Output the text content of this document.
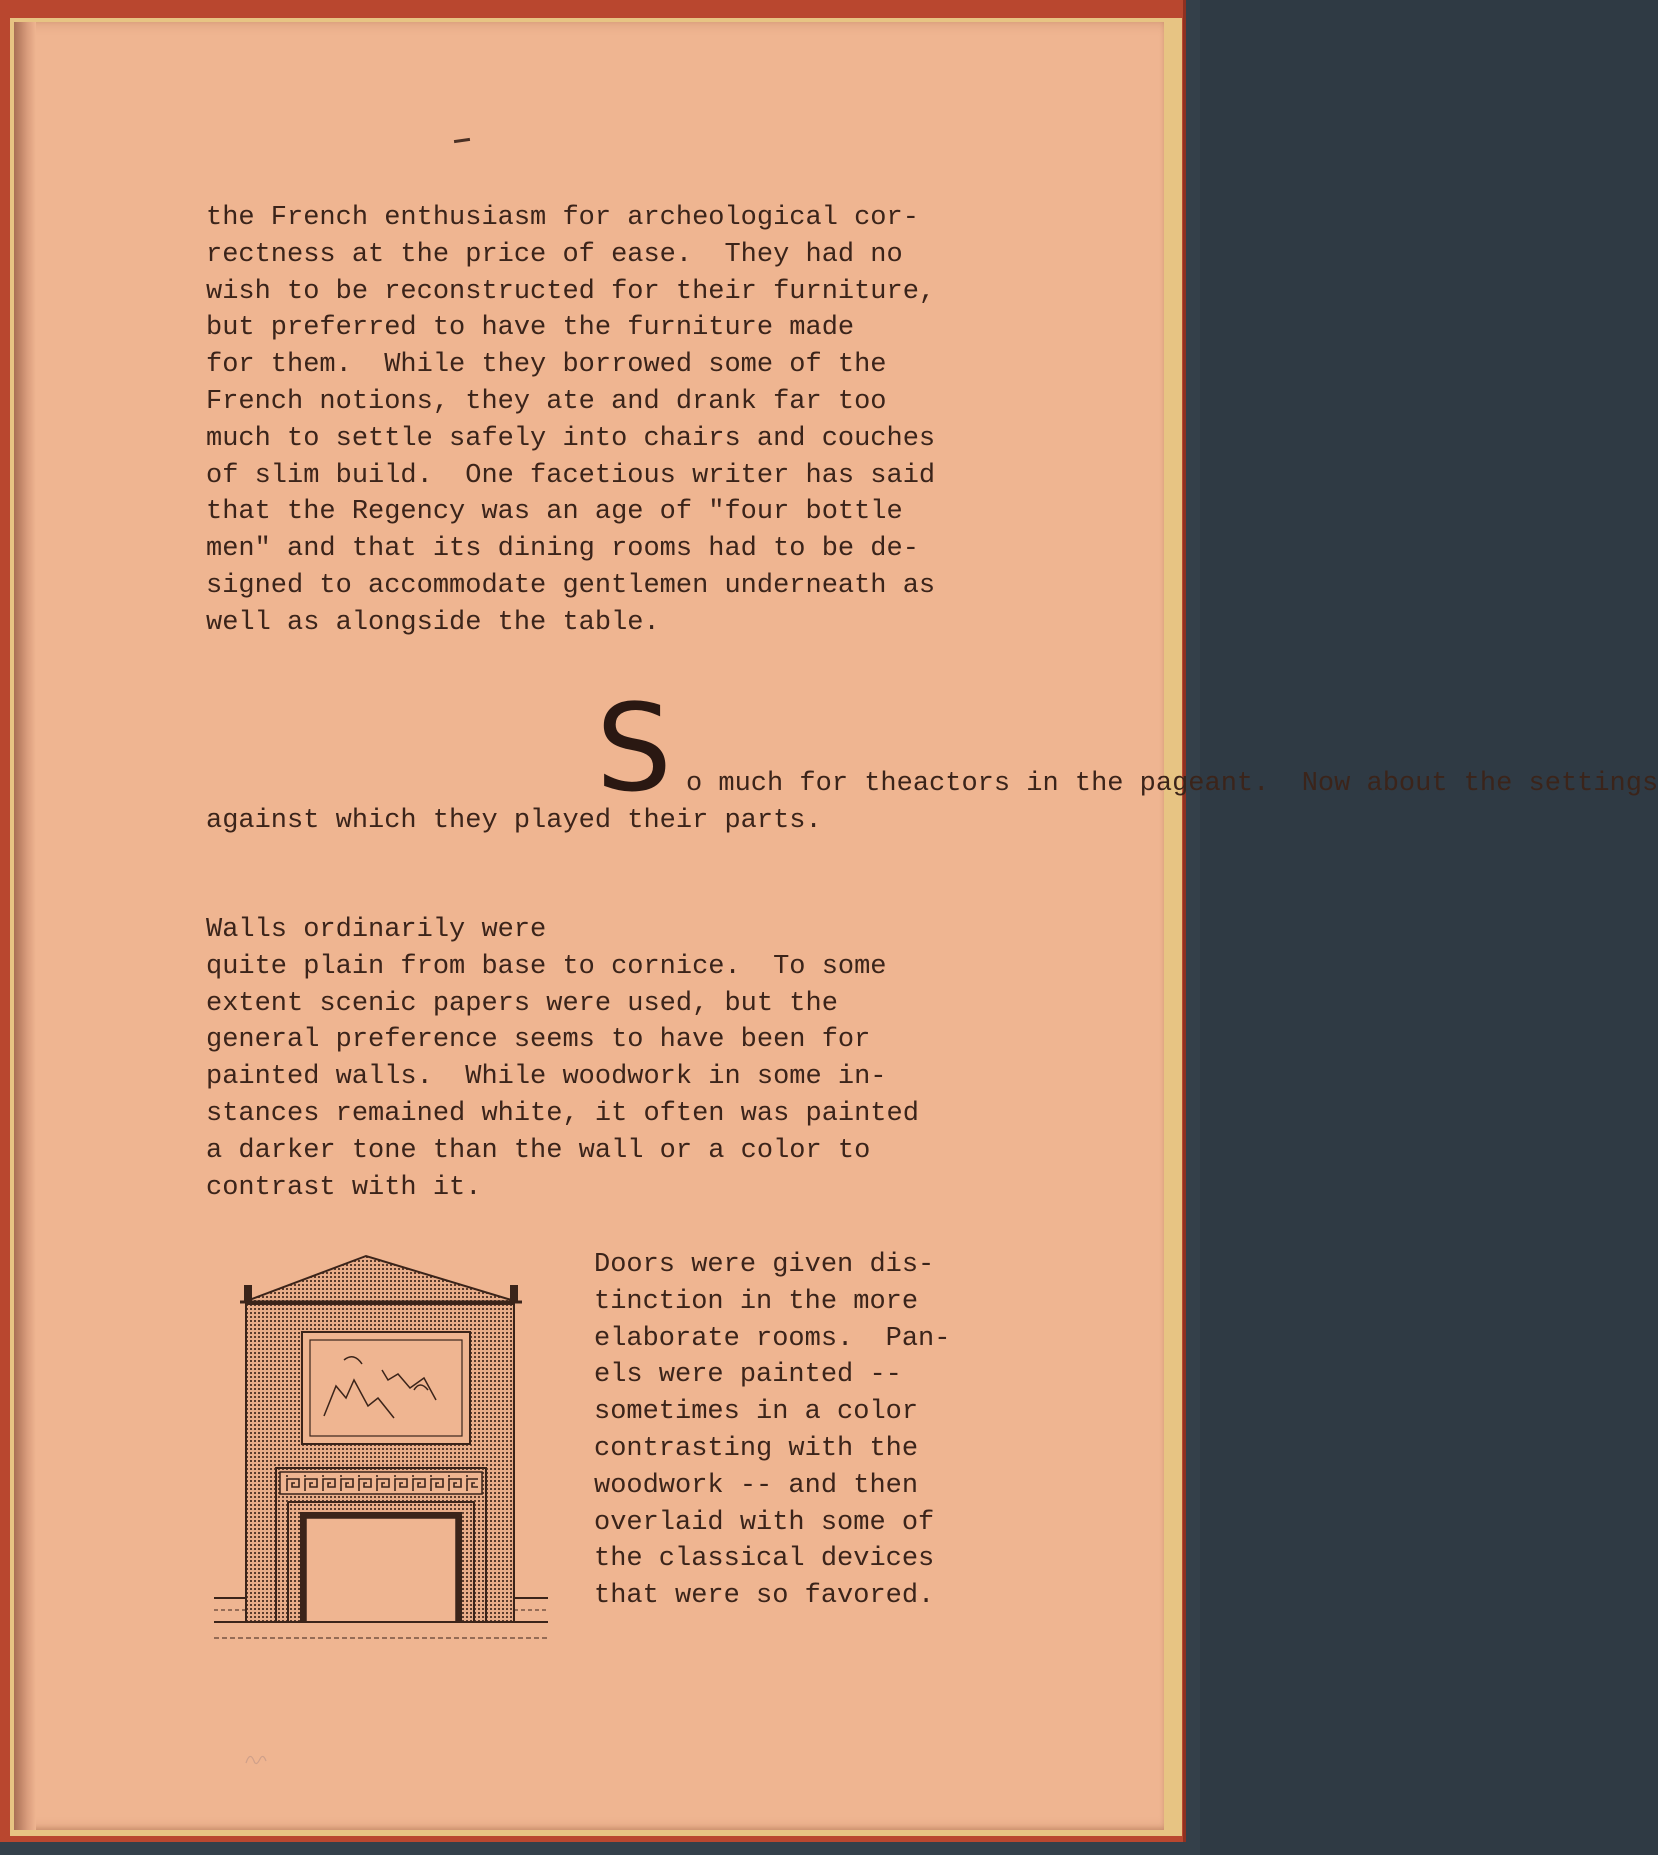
the French enthusiasm for archeological cor-
rectness at the price of ease.  They had no
wish to be reconstructed for their furniture,
but preferred to have the furniture made
for them.  While they borrowed some of the
French notions, they ate and drank far too
much to settle safely into chairs and couches
of slim build.  One facetious writer has said
that the Regency was an age of "four bottle
men" and that its dining rooms had to be de-
signed to accommodate gentlemen underneath as
well as alongside the table.
S o much for the
actors in the pageant.  Now about the settings
against which they played their parts.
Walls ordinarily were
quite plain from base to cornice.  To some
extent scenic papers were used, but the
general preference seems to have been for
painted walls.  While woodwork in some in-
stances remained white, it often was painted
a darker tone than the wall or a color to
contrast with it.
Doors were given dis-
tinction in the more
elaborate rooms.  Pan-
els were painted --
sometimes in a color
contrasting with the
woodwork -- and then
overlaid with some of
the classical devices
that were so favored.
